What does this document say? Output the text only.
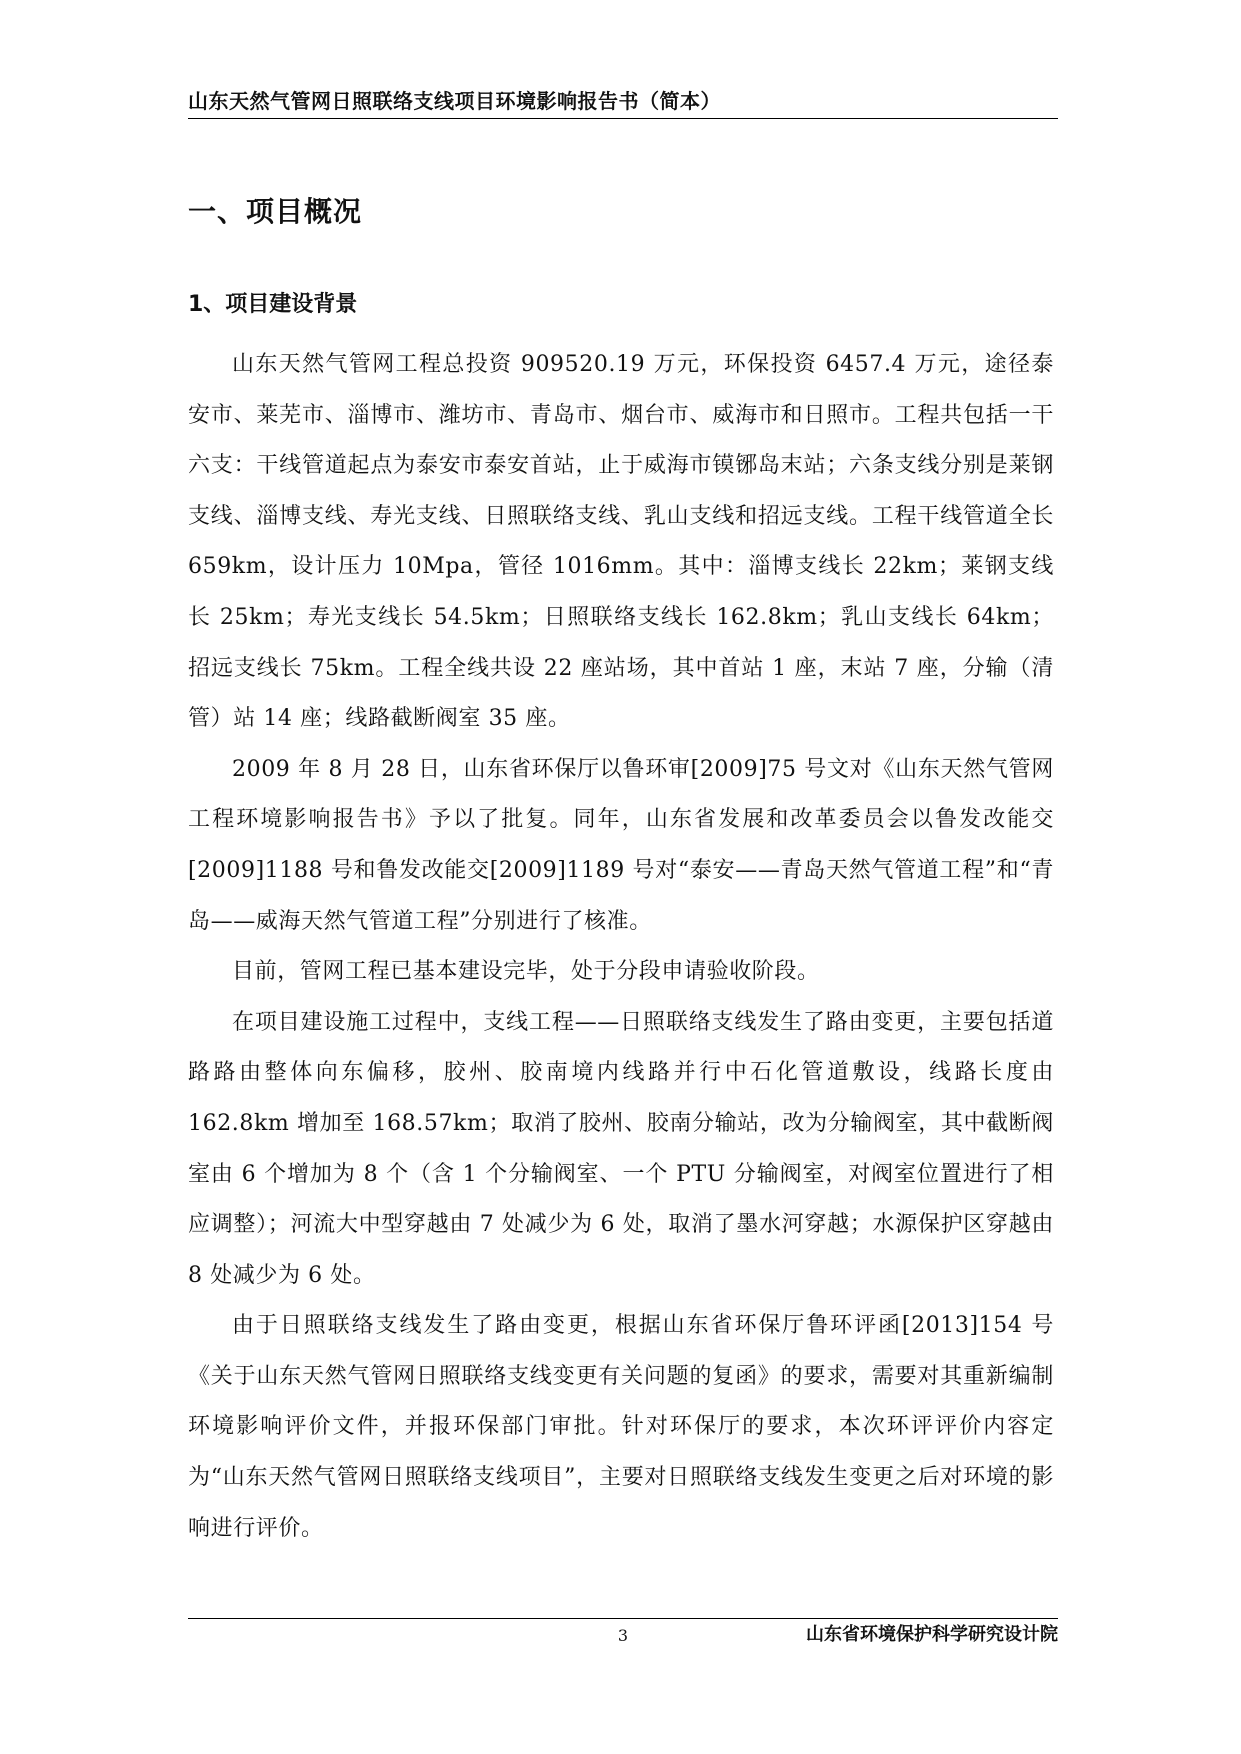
山东天然气管网日照联络支线项目环境影响报告书（简本）
一、项目概况
1、项目建设背景

山东天然气管网工程总投资 909520.19 万元，环保投资 6457.4 万元，途径泰安市、莱芜市、淄博市、潍坊市、青岛市、烟台市、威海市和日照市。工程共包括一干六支：干线管道起点为泰安市泰安首站，止于威海市镆铘岛末站；六条支线分别是莱钢支线、淄博支线、寿光支线、日照联络支线、乳山支线和招远支线。工程干线管道全长 659km，设计压力 10Mpa，管径 1016mm。其中：淄博支线长 22km；莱钢支线长 25km；寿光支线长 54.5km；日照联络支线长 162.8km；乳山支线长 64km；招远支线长 75km。工程全线共设 22 座站场，其中首站 1 座，末站 7 座，分输（清管）站 14 座；线路截断阀室 35 座。

2009 年 8 月 28 日，山东省环保厅以鲁环审[2009]75 号文对《山东天然气管网工程环境影响报告书》予以了批复。同年，山东省发展和改革委员会以鲁发改能交[2009]1188 号和鲁发改能交[2009]1189 号对“泰安——青岛天然气管道工程”和“青岛——威海天然气管道工程”分别进行了核准。

目前，管网工程已基本建设完毕，处于分段申请验收阶段。

在项目建设施工过程中，支线工程——日照联络支线发生了路由变更，主要包括道路路由整体向东偏移，胶州、胶南境内线路并行中石化管道敷设，线路长度由 162.8km 增加至 168.57km；取消了胶州、胶南分输站，改为分输阀室，其中截断阀室由 6 个增加为 8 个（含 1 个分输阀室、一个 PTU 分输阀室，对阀室位置进行了相应调整）；河流大中型穿越由 7 处减少为 6 处，取消了墨水河穿越；水源保护区穿越由 8 处减少为 6 处。

由于日照联络支线发生了路由变更，根据山东省环保厅鲁环评函[2013]154 号《关于山东天然气管网日照联络支线变更有关问题的复函》的要求，需要对其重新编制环境影响评价文件，并报环保部门审批。针对环保厅的要求，本次环评评价内容定为“山东天然气管网日照联络支线项目”，主要对日照联络支线发生变更之后对环境的影响进行评价。

3	山东省环境保护科学研究设计院
